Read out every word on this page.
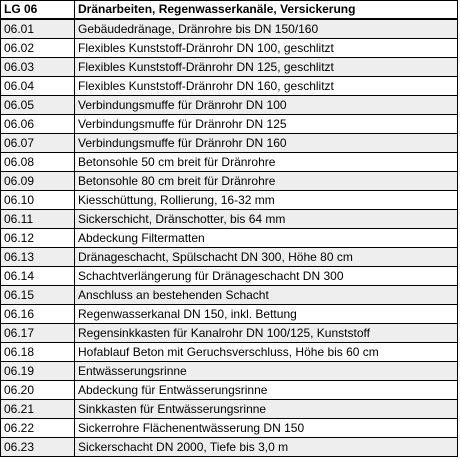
LG 06	Dränarbeiten, Regenwasserkanäle, Versickerung
06.01	Gebäudedränage, Dränrohre bis DN 150/160
06.02	Flexibles Kunststoff-Dränrohr DN 100, geschlitzt
06.03	Flexibles Kunststoff-Dränrohr DN 125, geschlitzt
06.04	Flexibles Kunststoff-Dränrohr DN 160, geschlitzt
06.05	Verbindungsmuffe für Dränrohr DN 100
06.06	Verbindungsmuffe für Dränrohr DN 125
06.07	Verbindungsmuffe für Dränrohr DN 160
06.08	Betonsohle 50 cm breit für Dränrohre
06.09	Betonsohle 80 cm breit für Dränrohre
06.10	Kiesschüttung, Rollierung, 16-32 mm
06.11	Sickerschicht, Dränschotter, bis 64 mm
06.12	Abdeckung Filtermatten
06.13	Dränageschacht, Spülschacht DN 300, Höhe 80 cm
06.14	Schachtverlängerung für Dränageschacht DN 300
06.15	Anschluss an bestehenden Schacht
06.16	Regenwasserkanal DN 150, inkl. Bettung
06.17	Regensinkkasten für Kanalrohr DN 100/125, Kunststoff
06.18	Hofablauf Beton mit Geruchsverschluss, Höhe bis 60 cm
06.19	Entwässerungsrinne
06.20	Abdeckung für Entwässerungsrinne
06.21	Sinkkasten für Entwässerungsrinne
06.22	Sickerrohre Flächenentwässerung DN 150
06.23	Sickerschacht DN 2000, Tiefe bis 3,0 m
